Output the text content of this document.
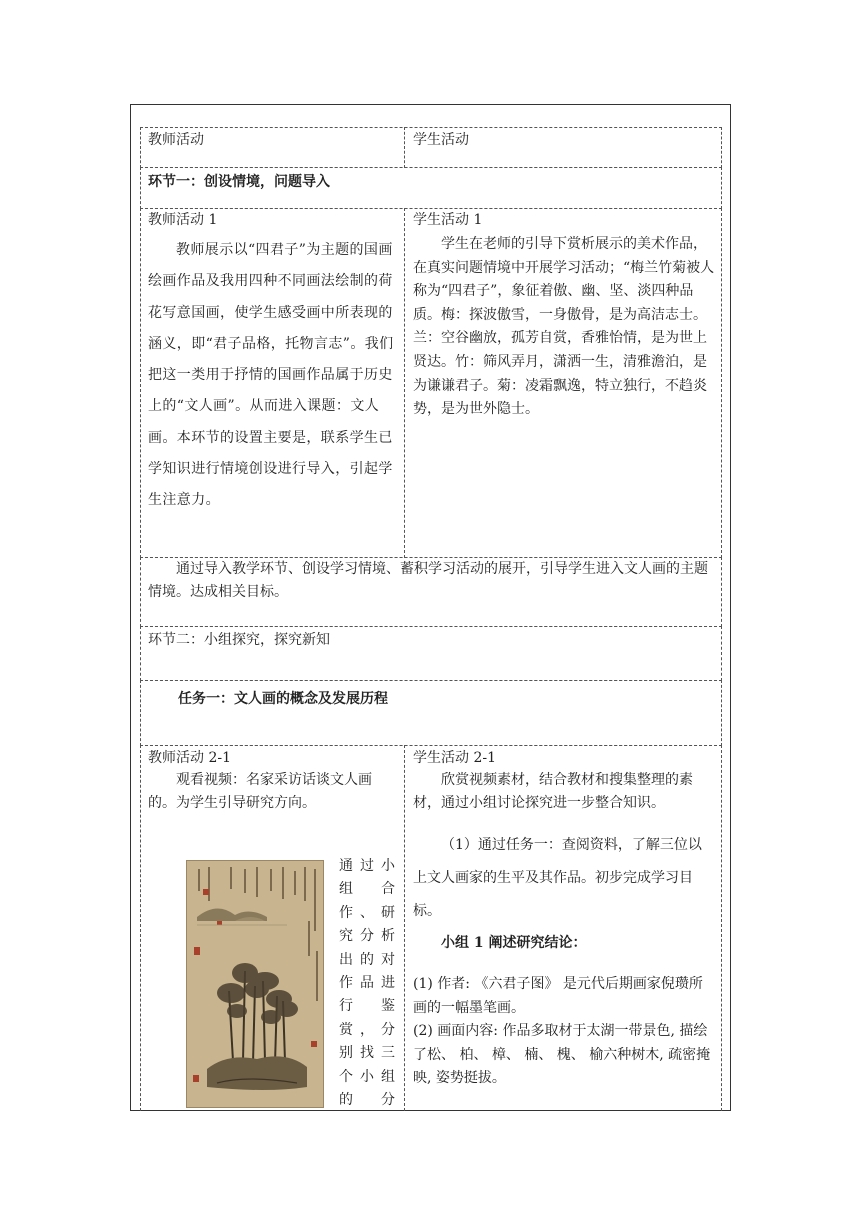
教师活动	学生活动
环节一：创设情境，问题导入
教师活动 1
教师展示以“四君子”为主题的国画绘画作品及我用四种不同画法绘制的荷花写意国画，使学生感受画中所表现的涵义，即“君子品格，托物言志”。我们把这一类用于抒情的国画作品属于历史上的“文人画”。从而进入课题：文人画。本环节的设置主要是，联系学生已学知识进行情境创设进行导入，引起学生注意力。
学生活动 1
学生在老师的引导下赏析展示的美术作品，在真实问题情境中开展学习活动；“梅兰竹菊被人称为“四君子”，象征着傲、幽、坚、淡四种品质。梅：探波傲雪，一身傲骨，是为高洁志士。兰：空谷幽放，孤芳自赏，香雅怡情，是为世上贤达。竹：筛风弄月，潇洒一生，清雅澹泊，是为谦谦君子。菊：凌霜飘逸，特立独行，不趋炎势，是为世外隐士。
通过导入教学环节、创设学习情境、蓄积学习活动的展开，引导学生进入文人画的主题情境。达成相关目标。
环节二：小组探究，探究新知
任务一：文人画的概念及发展历程
教师活动 2-1
观看视频：名家采访话谈文人画的。为学生引导研究方向。
通过小组合作、研究分析出的对作品进行鉴赏，分别找三个小组的分
学生活动 2-1
欣赏视频素材，结合教材和搜集整理的素材，通过小组讨论探究进一步整合知识。
（1）通过任务一：查阅资料，了解三位以上文人画家的生平及其作品。初步完成学习目标。
小组 1 阐述研究结论：
(1) 作者: 《六君子图》 是元代后期画家倪瓒所画的一幅墨笔画。
(2) 画面内容: 作品多取材于太湖一带景色, 描绘了松、 柏、 樟、 楠、 槐、 榆六种树木, 疏密掩映, 姿势挺拔。
